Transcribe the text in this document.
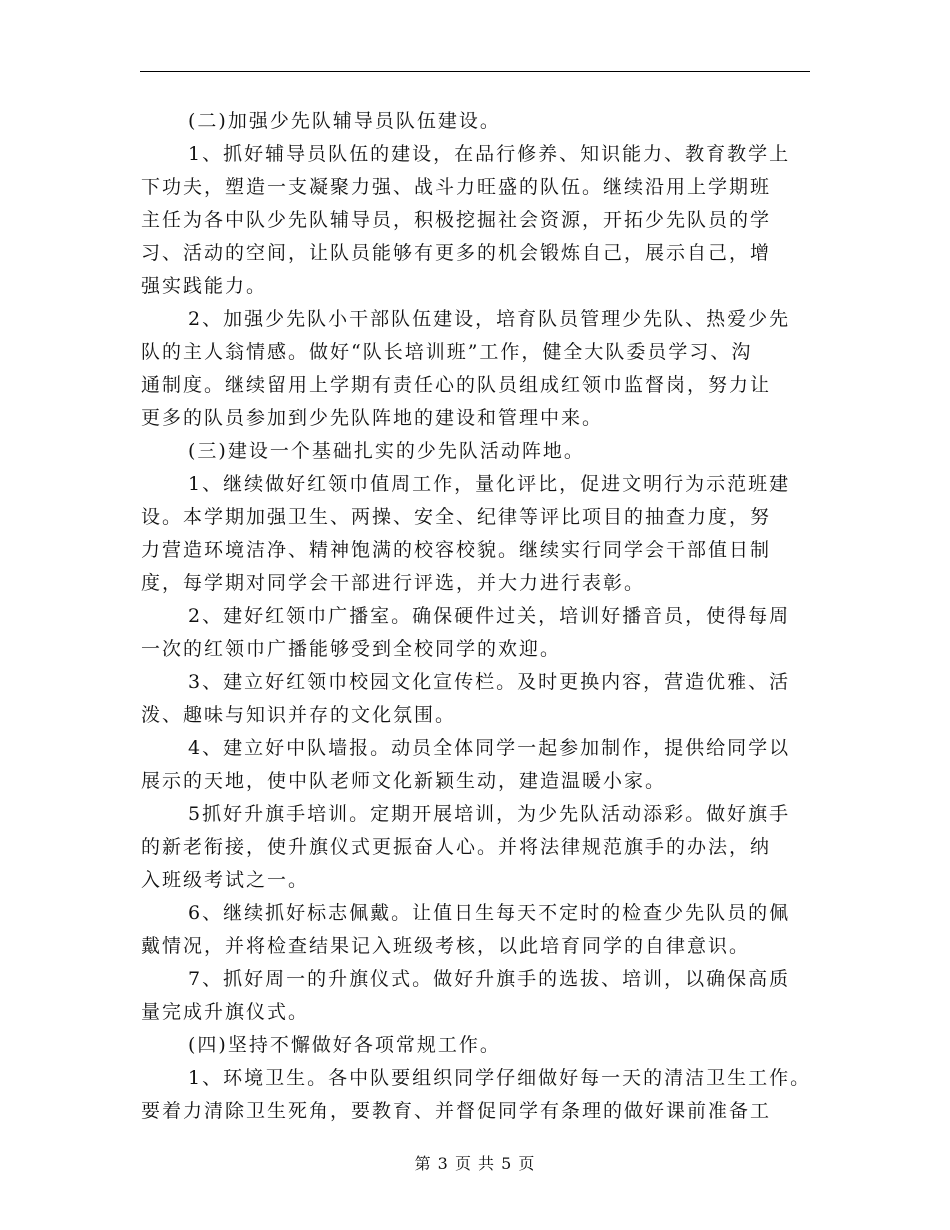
(二)加强少先队辅导员队伍建设。
1、抓好辅导员队伍的建设，在品行修养、知识能力、教育教学上
下功夫，塑造一支凝聚力强、战斗力旺盛的队伍。继续沿用上学期班
主任为各中队少先队辅导员，积极挖掘社会资源，开拓少先队员的学
习、活动的空间，让队员能够有更多的机会锻炼自己，展示自己，增
强实践能力。
2、加强少先队小干部队伍建设，培育队员管理少先队、热爱少先
队的主人翁情感。做好“队长培训班”工作，健全大队委员学习、沟
通制度。继续留用上学期有责任心的队员组成红领巾监督岗，努力让
更多的队员参加到少先队阵地的建设和管理中来。
(三)建设一个基础扎实的少先队活动阵地。
1、继续做好红领巾值周工作，量化评比，促进文明行为示范班建
设。本学期加强卫生、两操、安全、纪律等评比项目的抽查力度，努
力营造环境洁净、精神饱满的校容校貌。继续实行同学会干部值日制
度，每学期对同学会干部进行评选，并大力进行表彰。
2、建好红领巾广播室。确保硬件过关，培训好播音员，使得每周
一次的红领巾广播能够受到全校同学的欢迎。
3、建立好红领巾校园文化宣传栏。及时更换内容，营造优雅、活
泼、趣味与知识并存的文化氛围。
4、建立好中队墙报。动员全体同学一起参加制作，提供给同学以
展示的天地，使中队老师文化新颖生动，建造温暖小家。
5抓好升旗手培训。定期开展培训，为少先队活动添彩。做好旗手
的新老衔接，使升旗仪式更振奋人心。并将法律规范旗手的办法，纳
入班级考试之一。
6、继续抓好标志佩戴。让值日生每天不定时的检查少先队员的佩
戴情况，并将检查结果记入班级考核，以此培育同学的自律意识。
7、抓好周一的升旗仪式。做好升旗手的选拔、培训，以确保高质
量完成升旗仪式。
(四)坚持不懈做好各项常规工作。
1、环境卫生。各中队要组织同学仔细做好每一天的清洁卫生工作。
要着力清除卫生死角，要教育、并督促同学有条理的做好课前准备工
第 3 页 共 5 页
